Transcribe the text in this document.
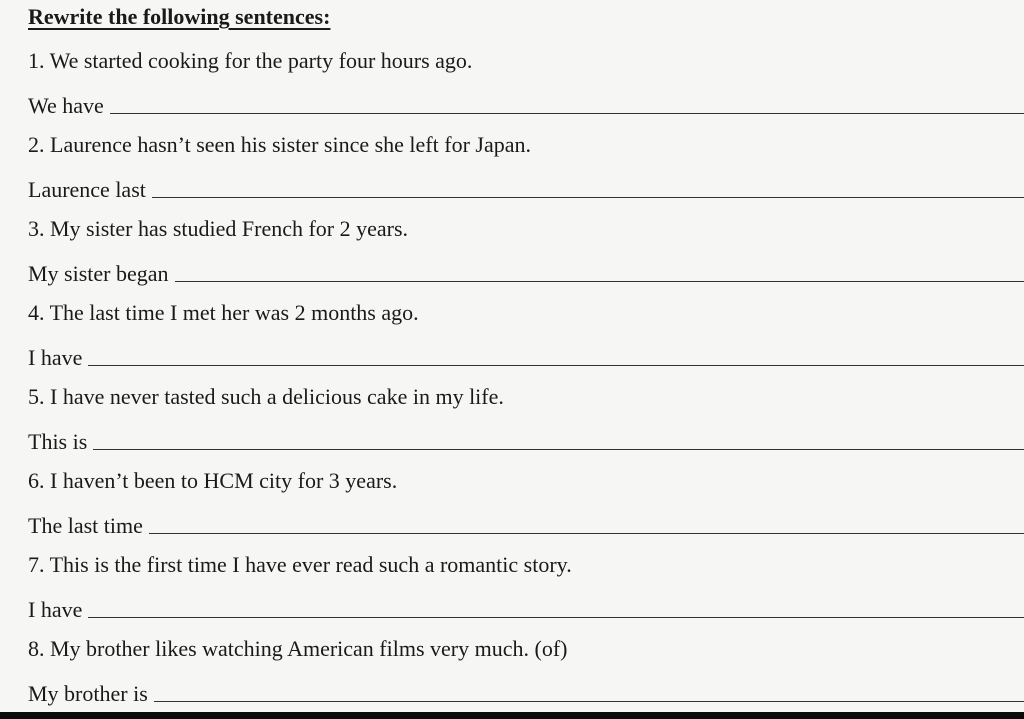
Rewrite the following sentences:
1. We started cooking for the party four hours ago.
We have
2. Laurence hasn’t seen his sister since she left for Japan.
Laurence last
3. My sister has studied French for 2 years.
My sister began
4. The last time I met her was 2 months ago.
I have
5. I have never tasted such a delicious cake in my life.
This is
6. I haven’t been to HCM city for 3 years.
The last time
7. This is the first time I have ever read such a romantic story.
I have
8. My brother likes watching American films very much. (of)
My brother is
